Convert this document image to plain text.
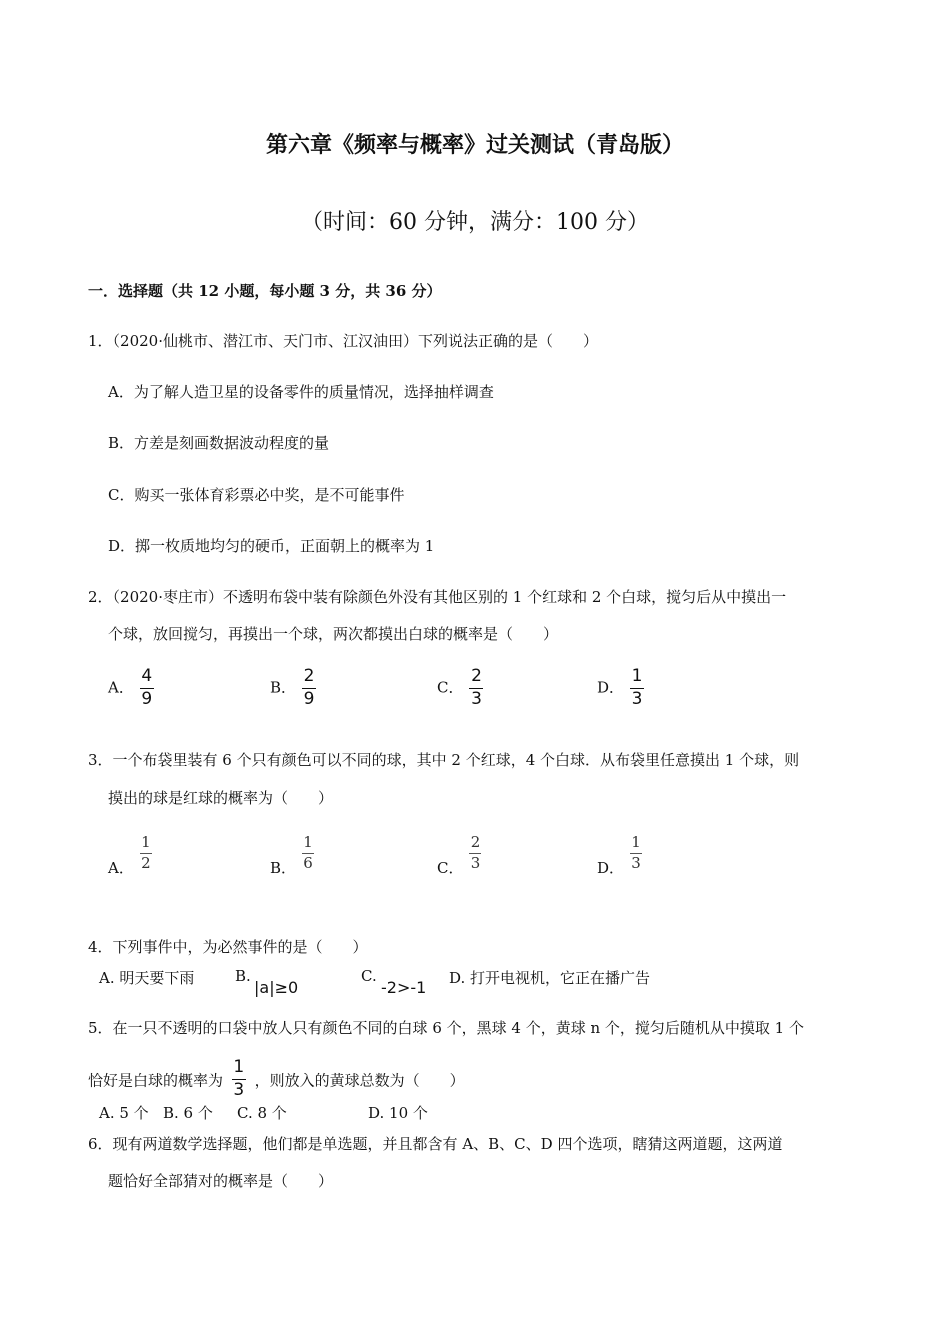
第六章《频率与概率》过关测试（青岛版）
（时间：60 分钟，满分：100 分）
一．选择题（共 12 小题，每小题 3 分，共 36 分）
1．（2020·仙桃市、潜江市、天门市、江汉油田）下列说法正确的是（　　）
A．为了解人造卫星的设备零件的质量情况，选择抽样调查
B．方差是刻画数据波动程度的量
C．购买一张体育彩票必中奖，是不可能事件
D．掷一枚质地均匀的硬币，正面朝上的概率为 1
2．（2020·枣庄市）不透明布袋中装有除颜色外没有其他区别的 1 个红球和 2 个白球，搅匀后从中摸出一
个球，放回搅匀，再摸出一个球，两次都摸出白球的概率是（　　）
A． $\frac{4}{9}$	B． $\frac{2}{9}$	C． $\frac{2}{3}$	D． $\frac{1}{3}$
3．一个布袋里装有 6 个只有颜色可以不同的球，其中 2 个红球，4 个白球．从布袋里任意摸出 1 个球，则
摸出的球是红球的概率为（　　）
A． $\frac{1}{2}$	B． $\frac{1}{6}$	C． $\frac{2}{3}$	D． $\frac{1}{3}$
4．下列事件中，为必然事件的是（　　）
A. 明天要下雨	B.
|a|≥0
C.
-2>-1 D. 打开电视机，它正在播广告
5．在一只不透明的口袋中放人只有颜色不同的白球 6 个，黑球 4 个，黄球 n 个，搅匀后随机从中摸取 1 个
恰好是白球的概率为 $\frac{1}{3}$ ，则放入的黄球总数为（　　）
A. 5 个 B. 6 个 C. 8 个	D. 10 个
6．现有两道数学选择题，他们都是单选题，并且都含有 A、B、C、D 四个选项，瞎猜这两道题，这两道
题恰好全部猜对的概率是（　　）
